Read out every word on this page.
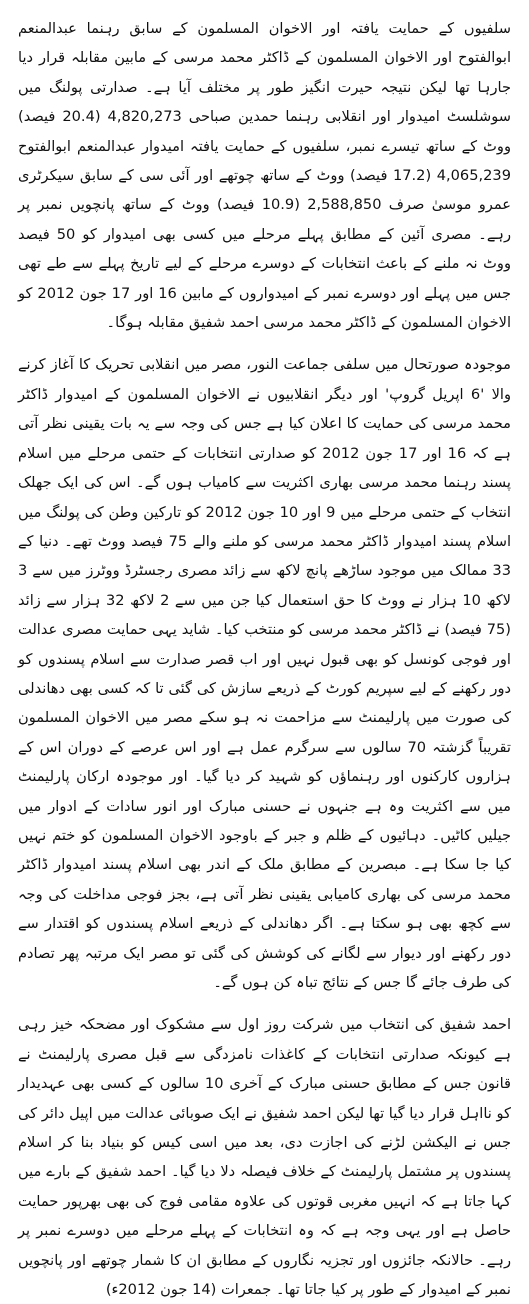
سلفیوں کے حمایت یافتہ اور الاخوان المسلمون کے سابق رہنما عبدالمنعم ابوالفتوح اور الاخوان المسلمون کے ڈاکٹر محمد مرسی کے مابین مقابلہ قرار دیا جارہا تھا لیکن نتیجہ حیرت انگیز طور پر مختلف آیا ہے۔ صدارتی پولنگ میں سوشلسٹ امیدوار اور انقلابی رہنما حمدین صباحی 4,820,273 (20.4 فیصد) ووٹ کے ساتھ تیسرے نمبر، سلفیوں کے حمایت یافتہ امیدوار عبدالمنعم ابوالفتوح 4,065,239 (17.2 فیصد) ووٹ کے ساتھ چوتھے اور آئی سی کے سابق سیکرٹری عمرو موسیٰ صرف 2,588,850 (10.9 فیصد) ووٹ کے ساتھ پانچویں نمبر پر رہے۔ مصری آئین کے مطابق پہلے مرحلے میں کسی بھی امیدوار کو 50 فیصد ووٹ نہ ملنے کے باعث انتخابات کے دوسرے مرحلے کے لیے تاریخ پہلے سے طے تھی جس میں پہلے اور دوسرے نمبر کے امیدواروں کے مابین 16 اور 17 جون 2012 کو الاخوان المسلمون کے ڈاکٹر محمد مرسی احمد شفیق مقابلہ ہوگا۔

موجودہ صورتحال میں سلفی جماعت النور، مصر میں انقلابی تحریک کا آغاز کرنے والا '6 اپریل گروپ' اور دیگر انقلابیوں نے الاخوان المسلمون کے امیدوار ڈاکٹر محمد مرسی کی حمایت کا اعلان کیا ہے جس کی وجہ سے یہ بات یقینی نظر آتی ہے کہ 16 اور 17 جون 2012 کو صدارتی انتخابات کے حتمی مرحلے میں اسلام پسند رہنما محمد مرسی بھاری اکثریت سے کامیاب ہوں گے۔ اس کی ایک جھلک انتخاب کے حتمی مرحلے میں 9 اور 10 جون 2012 کو تارکین وطن کی پولنگ میں اسلام پسند امیدوار ڈاکٹر محمد مرسی کو ملنے والے 75 فیصد ووٹ تھے۔ دنیا کے 33 ممالک میں موجود ساڑھے پانچ لاکھ سے زائد مصری رجسٹرڈ ووٹرز میں سے 3 لاکھ 10 ہزار نے ووٹ کا حق استعمال کیا جن میں سے 2 لاکھ 32 ہزار سے زائد (75 فیصد) نے ڈاکٹر محمد مرسی کو منتخب کیا۔ شاید یہی حمایت مصری عدالت اور فوجی کونسل کو بھی قبول نہیں اور اب قصر صدارت سے اسلام پسندوں کو دور رکھنے کے لیے سپریم کورٹ کے ذریعے سازش کی گئی تا کہ کسی بھی دھاندلی کی صورت میں پارلیمنٹ سے مزاحمت نہ ہو سکے مصر میں الاخوان المسلمون تقریباً گزشتہ 70 سالوں سے سرگرم عمل ہے اور اس عرصے کے دوران اس کے ہزاروں کارکنوں اور رہنماؤں کو شہید کر دیا گیا۔ اور موجودہ ارکان پارلیمنٹ میں سے اکثریت وہ ہے جنہوں نے حسنی مبارک اور انور سادات کے ادوار میں جیلیں کاٹیں۔ دہائیوں کے ظلم و جبر کے باوجود الاخوان المسلمون کو ختم نہیں کیا جا سکا ہے۔ مبصرین کے مطابق ملک کے اندر بھی اسلام پسند امیدوار ڈاکٹر محمد مرسی کی بھاری کامیابی یقینی نظر آتی ہے، بجز فوجی مداخلت کی وجہ سے کچھ بھی ہو سکتا ہے۔ اگر دھاندلی کے ذریعے اسلام پسندوں کو اقتدار سے دور رکھنے اور دیوار سے لگانے کی کوشش کی گئی تو مصر ایک مرتبہ پھر تصادم کی طرف جائے گا جس کے نتائج تباہ کن ہوں گے۔

احمد شفیق کی انتخاب میں شرکت روز اول سے مشکوک اور مضحکہ خیز رہی ہے کیونکہ صدارتی انتخابات کے کاغذات نامزدگی سے قبل مصری پارلیمنٹ نے قانون جس کے مطابق حسنی مبارک کے آخری 10 سالوں کے کسی بھی عہدیدار کو نااہل قرار دیا گیا تھا لیکن احمد شفیق نے ایک صوبائی عدالت میں اپیل دائر کی جس نے الیکشن لڑنے کی اجازت دی، بعد میں اسی کیس کو بنیاد بنا کر اسلام پسندوں پر مشتمل پارلیمنٹ کے خلاف فیصلہ دلا دیا گیا۔ احمد شفیق کے بارے میں کہا جاتا ہے کہ انہیں مغربی قوتوں کی علاوہ مقامی فوج کی بھی بھرپور حمایت حاصل ہے اور یہی وجہ ہے کہ وہ انتخابات کے پہلے مرحلے میں دوسرے نمبر پر رہے۔ حالانکہ جائزوں اور تجزیہ نگاروں کے مطابق ان کا شمار چوتھے اور پانچویں نمبر کے امیدوار کے طور پر کیا جاتا تھا۔ جمعرات (14 جون 2012ء)
